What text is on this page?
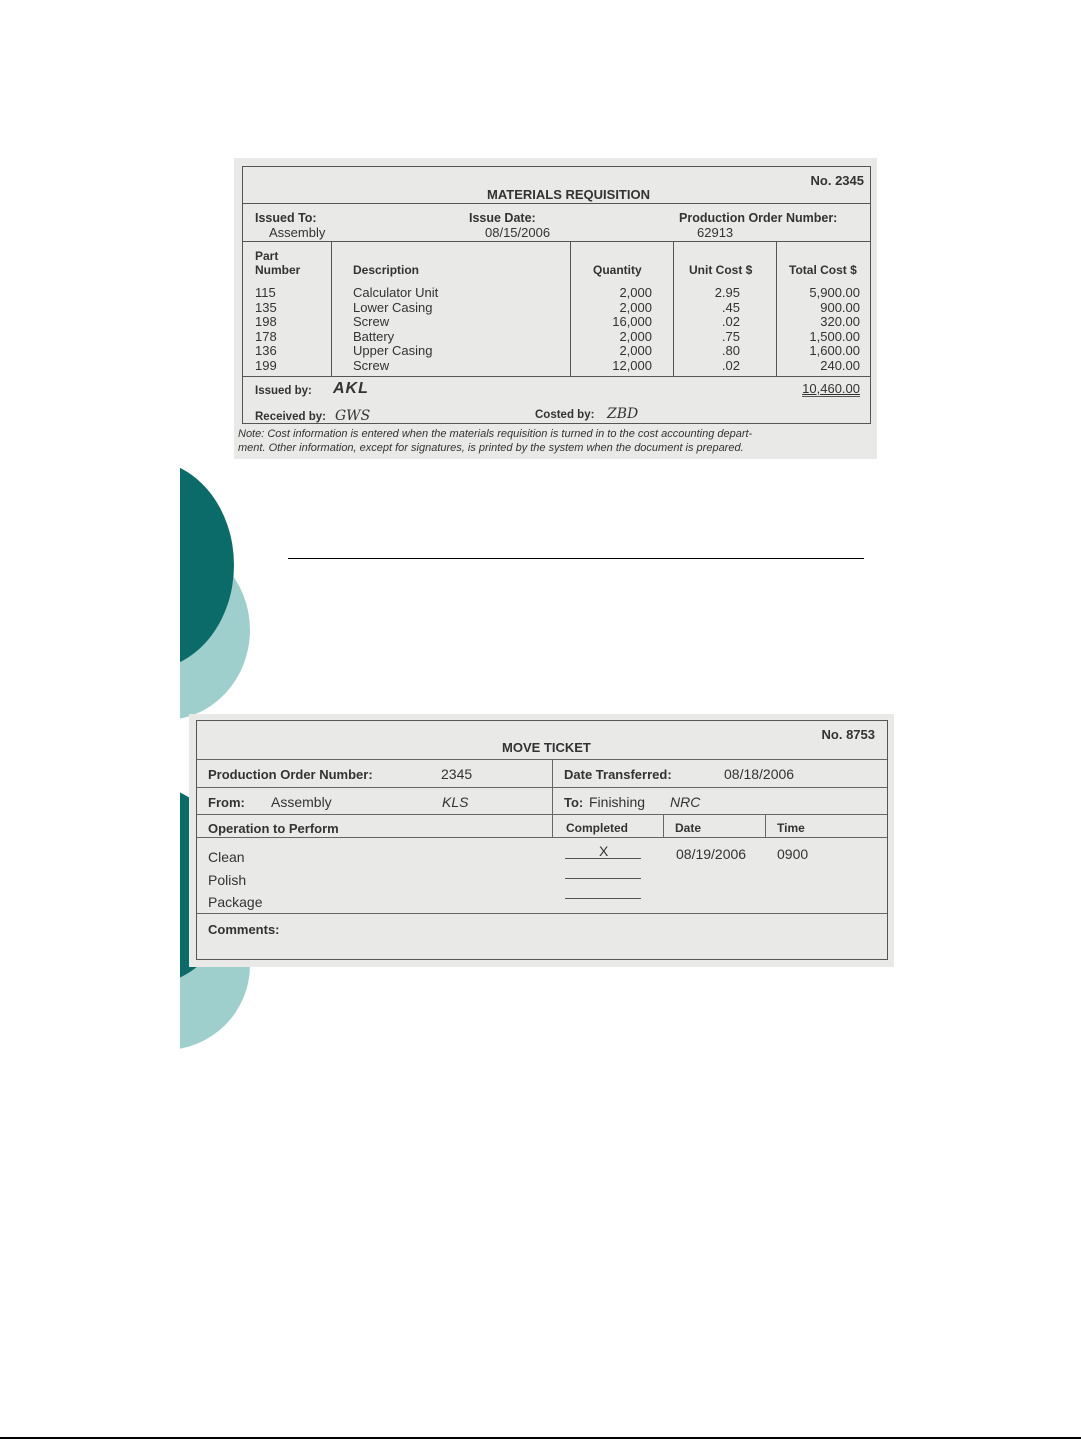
No. 2345
MATERIALS REQUISITION
Issued To:
Assembly
Issue Date:
08/15/2006
Production Order Number:
62913
Part
Number	Description	Quantity	Unit Cost $	Total Cost $
115	Calculator Unit	2,000	2.95	5,900.00
135	Lower Casing	2,000	.45	900.00
198	Screw	16,000	.02	320.00
178	Battery	2,000	.75	1,500.00
136	Upper Casing	2,000	.80	1,600.00
199	Screw	12,000	.02	240.00
Issued by: AKL	10,460.00
Received by: GWS	Costed by: ZBD
Note: Cost information is entered when the materials requisition is turned in to the cost accounting depart-
ment. Other information, except for signatures, is printed by the system when the document is prepared.
No. 8753
MOVE TICKET
Production Order Number:	2345	Date Transferred:	08/18/2006
From: Assembly	KLS	To: Finishing NRC
Operation to Perform	Completed	Date	Time
Clean	X	08/19/2006 0900
Polish
Package
Comments:
